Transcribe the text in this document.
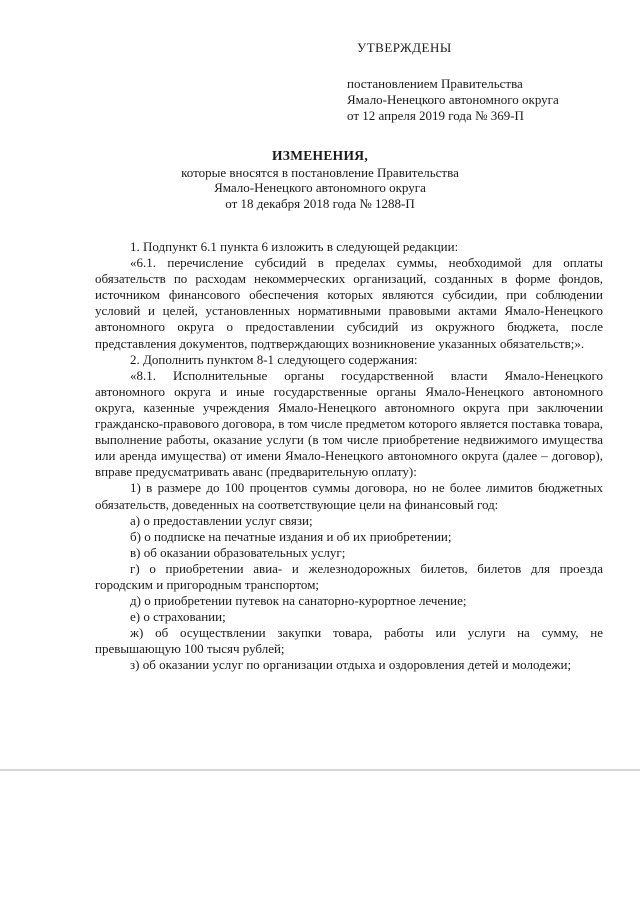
УТВЕРЖДЕНЫ
постановлением Правительства
Ямало-Ненецкого автономного округа
от 12 апреля 2019 года № 369-П
ИЗМЕНЕНИЯ,
которые вносятся в постановление Правительства
Ямало-Ненецкого автономного округа
от 18 декабря 2018 года № 1288-П

1. Подпункт 6.1 пункта 6 изложить в следующей редакции:

«6.1. перечисление субсидий в пределах суммы, необходимой для оплаты обязательств по расходам некоммерческих организаций, созданных в форме фондов, источником финансового обеспечения которых являются субсидии, при соблюдении условий и целей, установленных нормативными правовыми актами Ямало-Ненецкого автономного округа о предоставлении субсидий из окружного бюджета, после представления документов, подтверждающих возникновение указанных обязательств;».

2. Дополнить пунктом 8-1 следующего содержания:

«8.1. Исполнительные органы государственной власти Ямало-Ненецкого автономного округа и иные государственные органы Ямало-Ненецкого автономного округа, казенные учреждения Ямало-Ненецкого автономного округа при заключении гражданско-правового договора, в том числе предметом которого является поставка товара, выполнение работы, оказание услуги (в том числе приобретение недвижимого имущества или аренда имущества) от имени Ямало-Ненецкого автономного округа (далее – договор), вправе предусматривать аванс (предварительную оплату):

1) в размере до 100 процентов суммы договора, но не более лимитов бюджетных обязательств, доведенных на соответствующие цели на финансовый год:

а) о предоставлении услуг связи;

б) о подписке на печатные издания и об их приобретении;

в) об оказании образовательных услуг;

г) о приобретении авиа- и железнодорожных билетов, билетов для проезда городским и пригородным транспортом;

д) о приобретении путевок на санаторно-курортное лечение;

е) о страховании;

ж) об осуществлении закупки товара, работы или услуги на сумму, не превышающую 100 тысяч рублей;

з) об оказании услуг по организации отдыха и оздоровления детей и молодежи;
